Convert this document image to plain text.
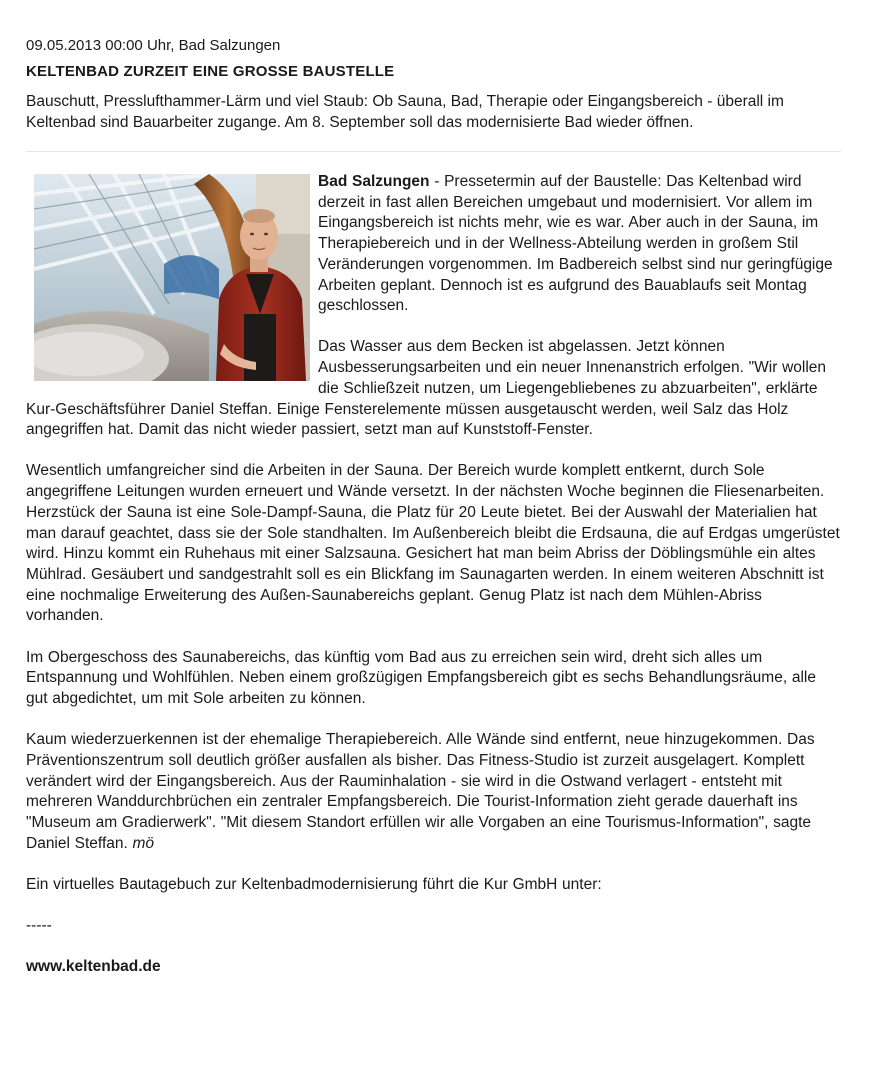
09.05.2013 00:00 Uhr, Bad Salzungen
KELTENBAD ZURZEIT EINE GROSSE BAUSTELLE

Bauschutt, Presslufthammer-Lärm und viel Staub: Ob Sauna, Bad, Therapie oder Eingangsbereich - überall im Keltenbad sind Bauarbeiter zugange. Am 8. September soll das modernisierte Bad wieder öffnen.

Bad Salzungen - Pressetermin auf der Baustelle: Das Keltenbad wird derzeit in fast allen Bereichen umgebaut und modernisiert. Vor allem im Eingangsbereich ist nichts mehr, wie es war. Aber auch in der Sauna, im Therapiebereich und in der Wellness-Abteilung werden in großem Stil Veränderungen vorgenommen. Im Badbereich selbst sind nur geringfügige Arbeiten geplant. Dennoch ist es aufgrund des Bauablaufs seit Montag geschlossen.

Das Wasser aus dem Becken ist abgelassen. Jetzt können Ausbesserungsarbeiten und ein neuer Innenanstrich erfolgen. "Wir wollen die Schließzeit nutzen, um Liegengebliebenes zu abzuarbeiten", erklärte Kur-Geschäftsführer Daniel Steffan. Einige Fensterelemente müssen ausgetauscht werden, weil Salz das Holz angegriffen hat. Damit das nicht wieder passiert, setzt man auf Kunststoff-Fenster.

Wesentlich umfangreicher sind die Arbeiten in der Sauna. Der Bereich wurde komplett entkernt, durch Sole angegriffene Leitungen wurden erneuert und Wände versetzt. In der nächsten Woche beginnen die Fliesenarbeiten. Herzstück der Sauna ist eine Sole-Dampf-Sauna, die Platz für 20 Leute bietet. Bei der Auswahl der Materialien hat man darauf geachtet, dass sie der Sole standhalten. Im Außenbereich bleibt die Erdsauna, die auf Erdgas umgerüstet wird. Hinzu kommt ein Ruhehaus mit einer Salzsauna. Gesichert hat man beim Abriss der Döblingsmühle ein altes Mühlrad. Gesäubert und sandgestrahlt soll es ein Blickfang im Saunagarten werden. In einem weiteren Abschnitt ist eine nochmalige Erweiterung des Außen-Saunabereichs geplant. Genug Platz ist nach dem Mühlen-Abriss vorhanden.

Im Obergeschoss des Saunabereichs, das künftig vom Bad aus zu erreichen sein wird, dreht sich alles um Entspannung und Wohlfühlen. Neben einem großzügigen Empfangsbereich gibt es sechs Behandlungsräume, alle gut abgedichtet, um mit Sole arbeiten zu können.

Kaum wiederzuerkennen ist der ehemalige Therapiebereich. Alle Wände sind entfernt, neue hinzugekommen. Das Präventionszentrum soll deutlich größer ausfallen als bisher. Das Fitness-Studio ist zurzeit ausgelagert. Komplett verändert wird der Eingangsbereich. Aus der Rauminhalation - sie wird in die Ostwand verlagert - entsteht mit mehreren Wanddurchbrüchen ein zentraler Empfangsbereich. Die Tourist-Information zieht gerade dauerhaft ins "Museum am Gradierwerk". "Mit diesem Standort erfüllen wir alle Vorgaben an eine Tourismus-Information", sagte Daniel Steffan. mö

Ein virtuelles Bautagebuch zur Keltenbadmodernisierung führt die Kur GmbH unter:

-----
www.keltenbad.de
